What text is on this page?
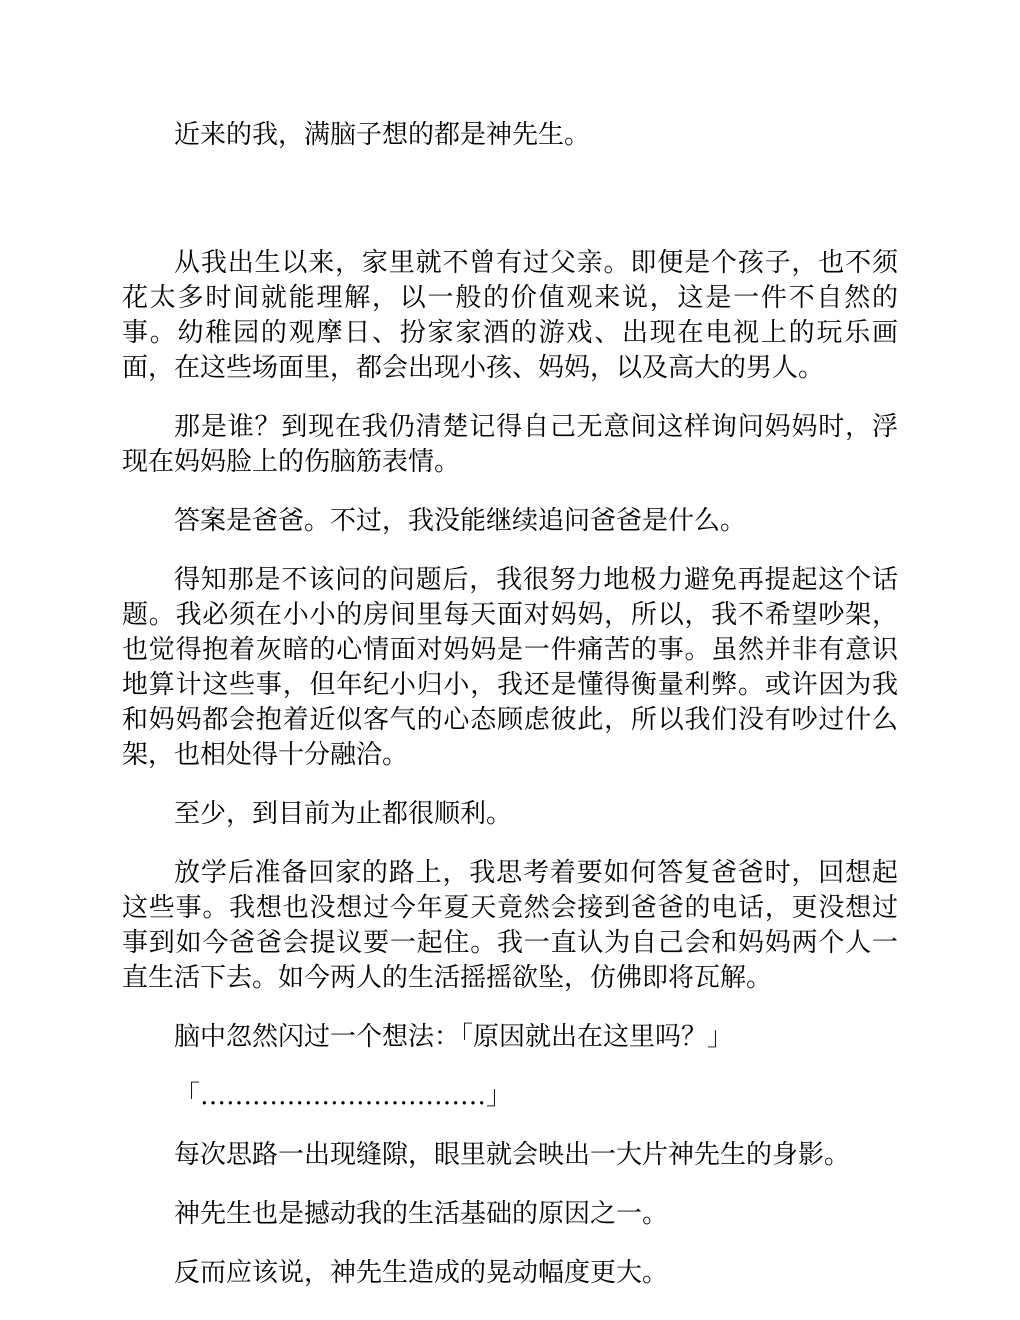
近来的我，满脑子想的都是神先生。

从我出生以来，家里就不曾有过父亲。即便是个孩子，也不须花太多时间就能理解，以一般的价值观来说，这是一件不自然的事。幼稚园的观摩日、扮家家酒的游戏、出现在电视上的玩乐画面，在这些场面里，都会出现小孩、妈妈，以及高大的男人。

那是谁？到现在我仍清楚记得自己无意间这样询问妈妈时，浮现在妈妈脸上的伤脑筋表情。

答案是爸爸。不过，我没能继续追问爸爸是什么。

得知那是不该问的问题后，我很努力地极力避免再提起这个话题。我必须在小小的房间里每天面对妈妈，所以，我不希望吵架，也觉得抱着灰暗的心情面对妈妈是一件痛苦的事。虽然并非有意识地算计这些事，但年纪小归小，我还是懂得衡量利弊。或许因为我和妈妈都会抱着近似客气的心态顾虑彼此，所以我们没有吵过什么架，也相处得十分融洽。

至少，到目前为止都很顺利。

放学后准备回家的路上，我思考着要如何答复爸爸时，回想起这些事。我想也没想过今年夏天竟然会接到爸爸的电话，更没想过事到如今爸爸会提议要一起住。我一直认为自己会和妈妈两个人一直生活下去。如今两人的生活摇摇欲坠，仿佛即将瓦解。

脑中忽然闪过一个想法：「原因就出在这里吗？」

「……………………………」

每次思路一出现缝隙，眼里就会映出一大片神先生的身影。

神先生也是撼动我的生活基础的原因之一。

反而应该说，神先生造成的晃动幅度更大。
